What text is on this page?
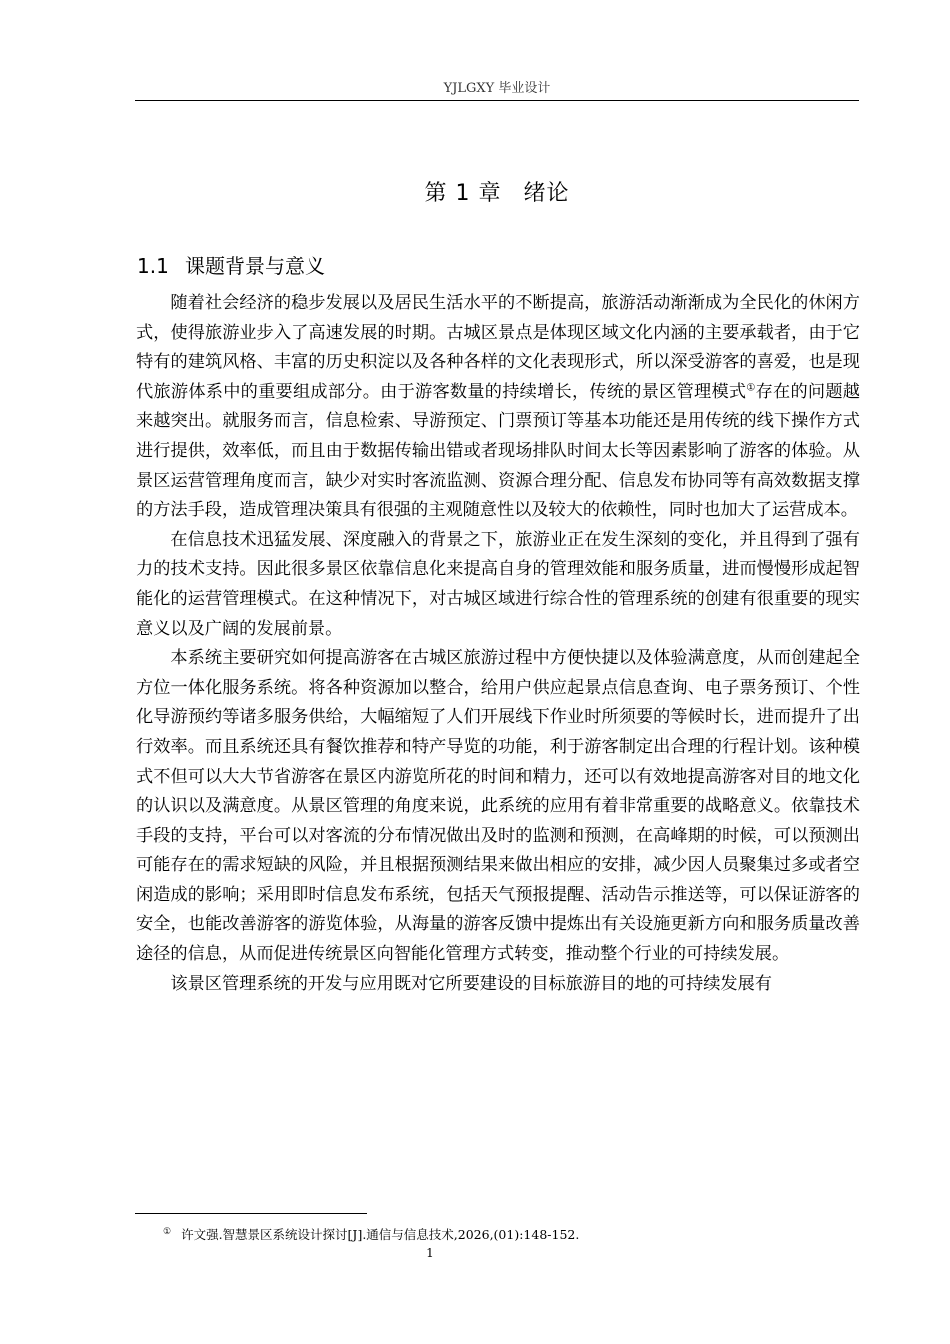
YJLGXY 毕业设计
第 1 章 绪论
1.1 课题背景与意义

随着社会经济的稳步发展以及居民生活水平的不断提高，旅游活动渐渐成为全民化的休闲方式，使得旅游业步入了高速发展的时期。古城区景点是体现区域文化内涵的主要承载者，由于它特有的建筑风格、丰富的历史积淀以及各种各样的文化表现形式，所以深受游客的喜爱，也是现代旅游体系中的重要组成部分。由于游客数量的持续增长，传统的景区管理模式①存在的问题越来越突出。就服务而言，信息检索、导游预定、门票预订等基本功能还是用传统的线下操作方式进行提供，效率低，而且由于数据传输出错或者现场排队时间太长等因素影响了游客的体验。从景区运营管理角度而言，缺少对实时客流监测、资源合理分配、信息发布协同等有高效数据支撑的方法手段，造成管理决策具有很强的主观随意性以及较大的依赖性，同时也加大了运营成本。

在信息技术迅猛发展、深度融入的背景之下，旅游业正在发生深刻的变化，并且得到了强有力的技术支持。因此很多景区依靠信息化来提高自身的管理效能和服务质量，进而慢慢形成起智能化的运营管理模式。在这种情况下，对古城区域进行综合性的管理系统的创建有很重要的现实意义以及广阔的发展前景。

本系统主要研究如何提高游客在古城区旅游过程中方便快捷以及体验满意度，从而创建起全方位一体化服务系统。将各种资源加以整合，给用户供应起景点信息查询、电子票务预订、个性化导游预约等诸多服务供给，大幅缩短了人们开展线下作业时所须要的等候时长，进而提升了出行效率。而且系统还具有餐饮推荐和特产导览的功能，利于游客制定出合理的行程计划。该种模式不但可以大大节省游客在景区内游览所花的时间和精力，还可以有效地提高游客对目的地文化的认识以及满意度。从景区管理的角度来说，此系统的应用有着非常重要的战略意义。依靠技术手段的支持，平台可以对客流的分布情况做出及时的监测和预测，在高峰期的时候，可以预测出可能存在的需求短缺的风险，并且根据预测结果来做出相应的安排，减少因人员聚集过多或者空闲造成的影响；采用即时信息发布系统，包括天气预报提醒、活动告示推送等，可以保证游客的安全，也能改善游客的游览体验，从海量的游客反馈中提炼出有关设施更新方向和服务质量改善途径的信息，从而促进传统景区向智能化管理方式转变，推动整个行业的可持续发展。

该景区管理系统的开发与应用既对它所要建设的目标旅游目的地的可持续发展有

① 许文强.智慧景区系统设计探讨[J].通信与信息技术,2026,(01):148-152.
1
